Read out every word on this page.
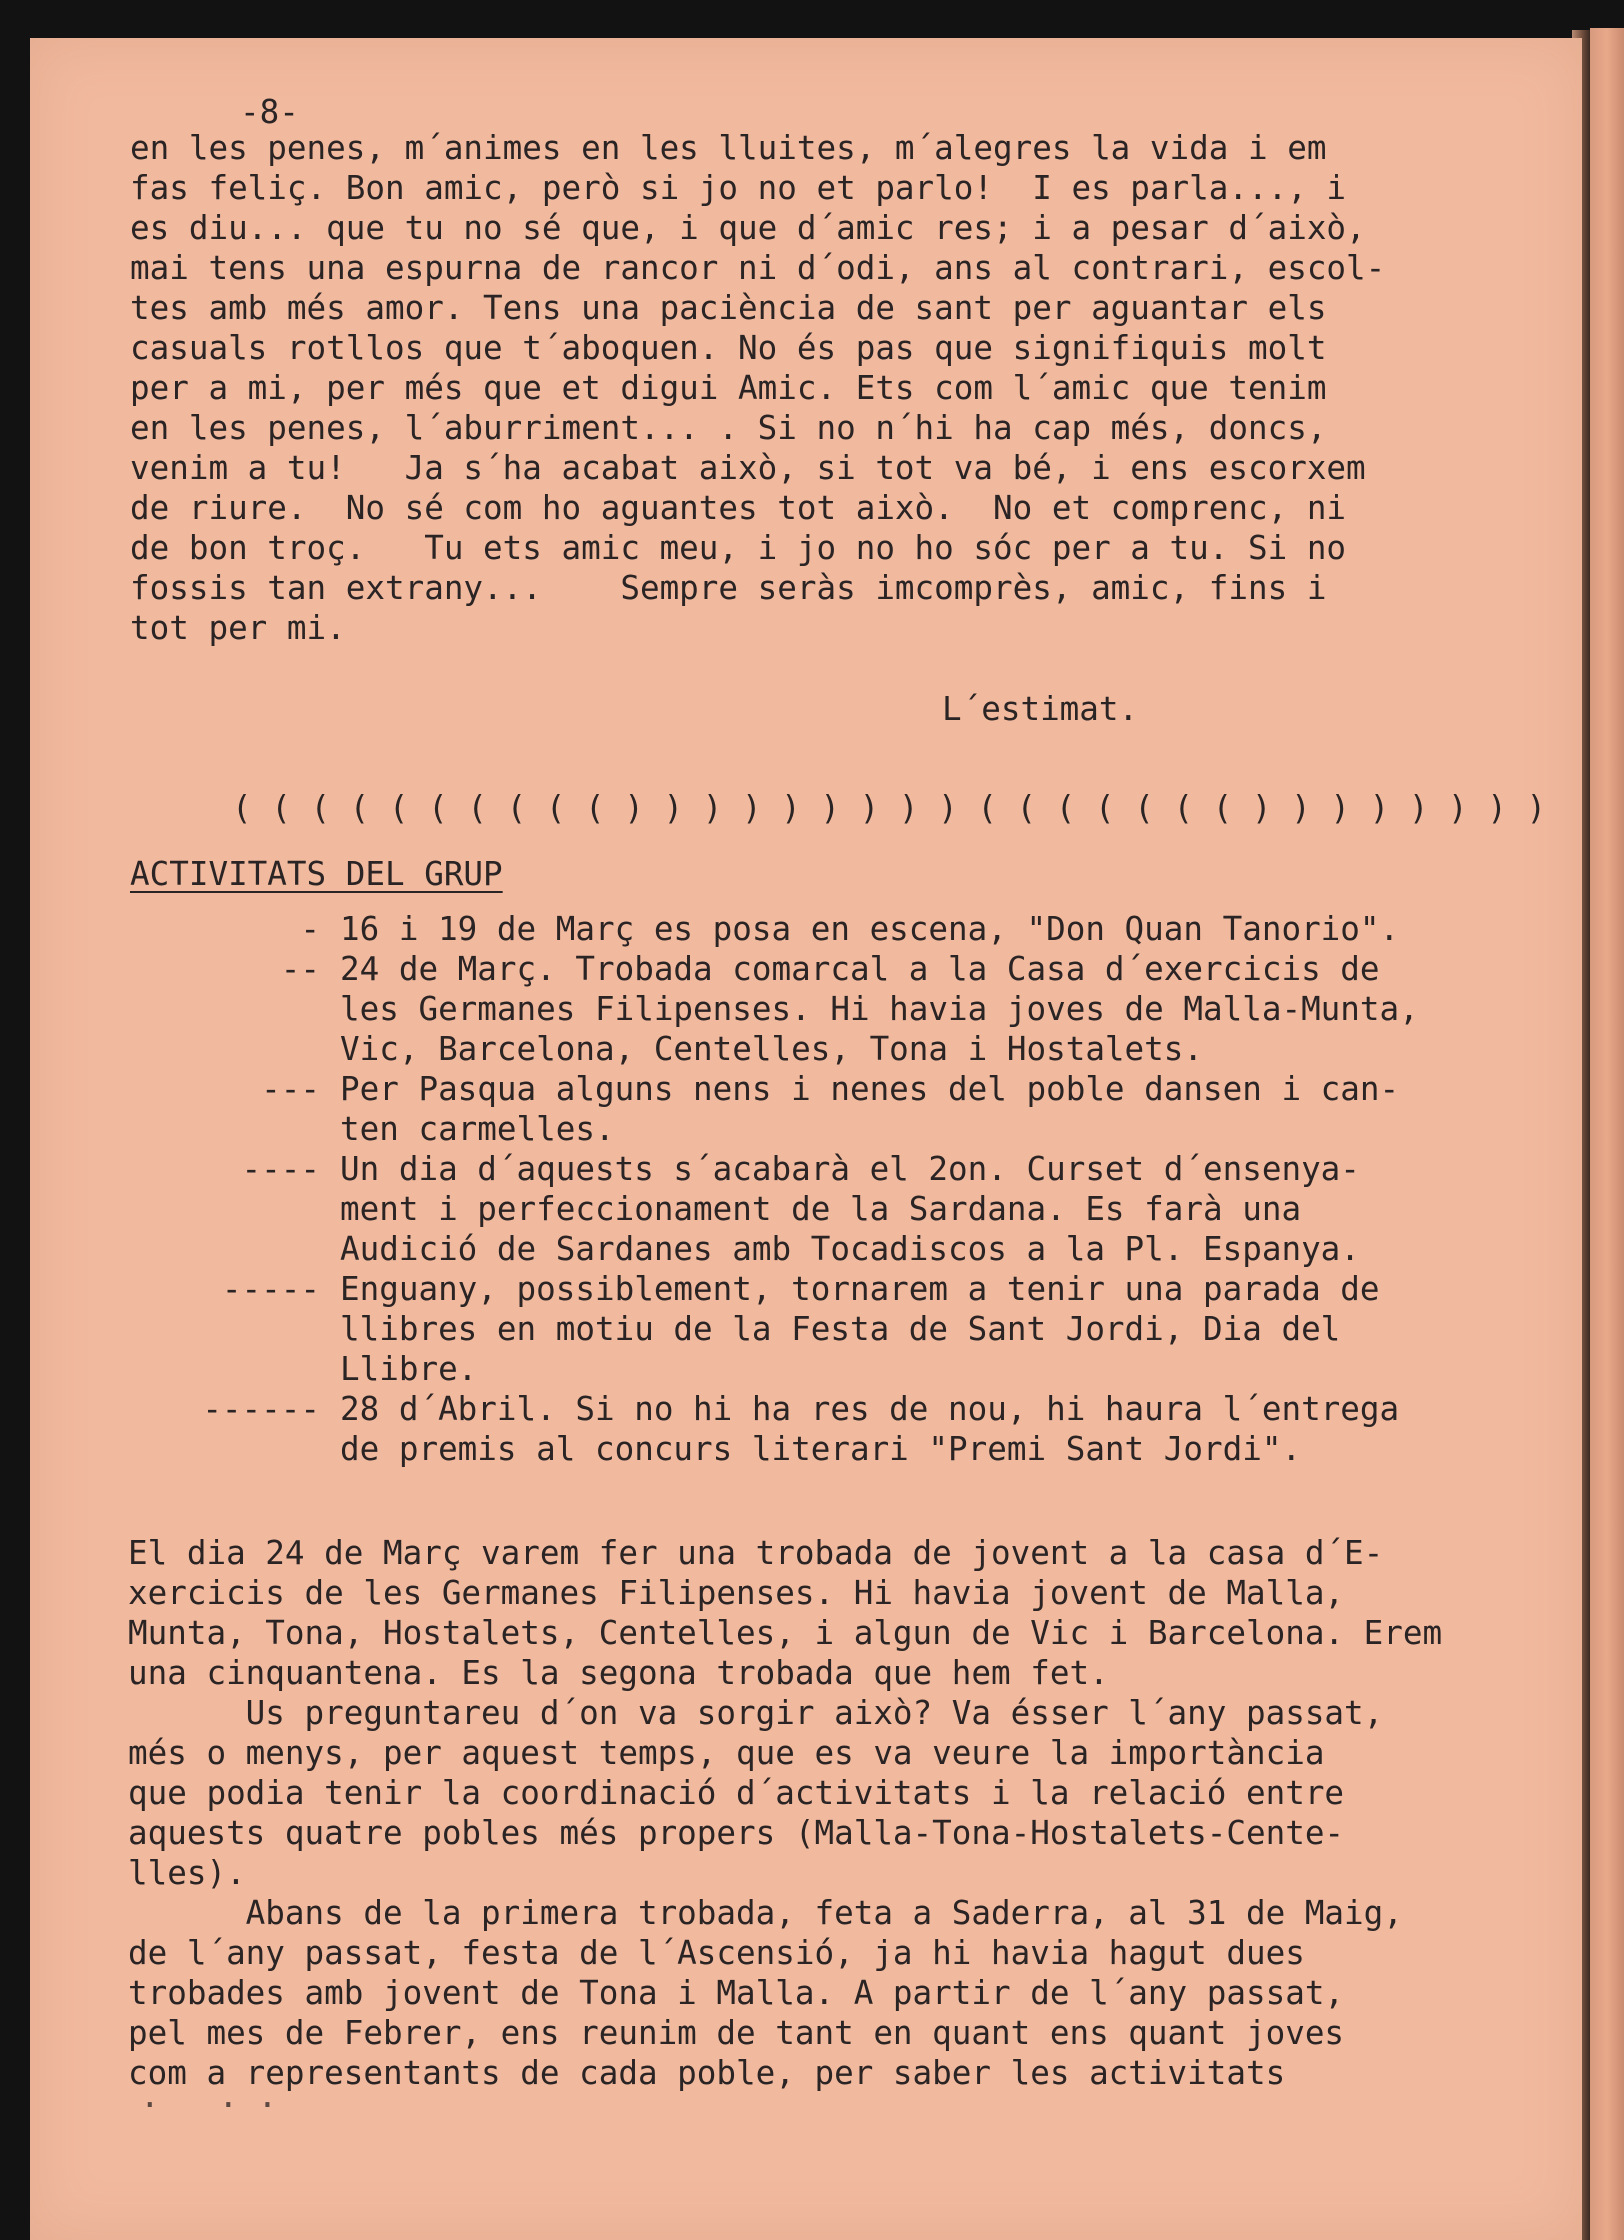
-8-

en les penes, m´animes en les lluites, m´alegres la vida i em
fas feliç. Bon amic, però si jo no et parlo!  I es parla..., i
es diu... que tu no sé que, i que d´amic res; i a pesar d´això,
mai tens una espurna de rancor ni d´odi, ans al contrari, escol-
tes amb més amor. Tens una paciència de sant per aguantar els
casuals rotllos que t´aboquen. No és pas que signifiquis molt
per a mi, per més que et digui Amic. Ets com l´amic que tenim
en les penes, l´aburriment... . Si no n´hi ha cap més, doncs,
venim a tu!   Ja s´ha acabat això, si tot va bé, i ens escorxem
de riure.  No sé com ho aguantes tot això.  No et comprenc, ni
de bon troç.   Tu ets amic meu, i jo no ho sóc per a tu. Si no
fossis tan extrany...    Sempre seràs imcomprès, amic, fins i
tot per mi.

L´estimat.

( ( ( ( ( ( ( ( ( ( ) ) ) ) ) ) ) ) ) ( ( ( ( ( ( ( ) ) ) ) ) ) ) )

ACTIVITATS DEL GRUP

- 16 i 19 de Març es posa en escena, "Don Quan Tanorio".
-- 24 de Març. Trobada comarcal a la Casa d´exercicis de
les Germanes Filipenses. Hi havia joves de Malla-Munta,
Vic, Barcelona, Centelles, Tona i Hostalets.
--- Per Pasqua alguns nens i nenes del poble dansen i can-
ten carmelles.
---- Un dia d´aquests s´acabarà el 2on. Curset d´ensenya-
ment i perfeccionament de la Sardana. Es farà una
Audició de Sardanes amb Tocadiscos a la Pl. Espanya.
----- Enguany, possiblement, tornarem a tenir una parada de
llibres en motiu de la Festa de Sant Jordi, Dia del
Llibre.
------ 28 d´Abril. Si no hi ha res de nou, hi haura l´entrega
de premis al concurs literari "Premi Sant Jordi".

El dia 24 de Març varem fer una trobada de jovent a la casa d´E-
xercicis de les Germanes Filipenses. Hi havia jovent de Malla,
Munta, Tona, Hostalets, Centelles, i algun de Vic i Barcelona. Erem
una cinquantena. Es la segona trobada que hem fet.
Us preguntareu d´on va sorgir això? Va ésser l´any passat,
més o menys, per aquest temps, que es va veure la importància
que podia tenir la coordinació d´activitats i la relació entre
aquests quatre pobles més propers (Malla-Tona-Hostalets-Cente-
lles).
Abans de la primera trobada, feta a Saderra, al 31 de Maig,
de l´any passat, festa de l´Ascensió, ja hi havia hagut dues
trobades amb jovent de Tona i Malla. A partir de l´any passat,
pel mes de Febrer, ens reunim de tant en quant ens quant joves
com a representants de cada poble, per saber les activitats

·   · ·
